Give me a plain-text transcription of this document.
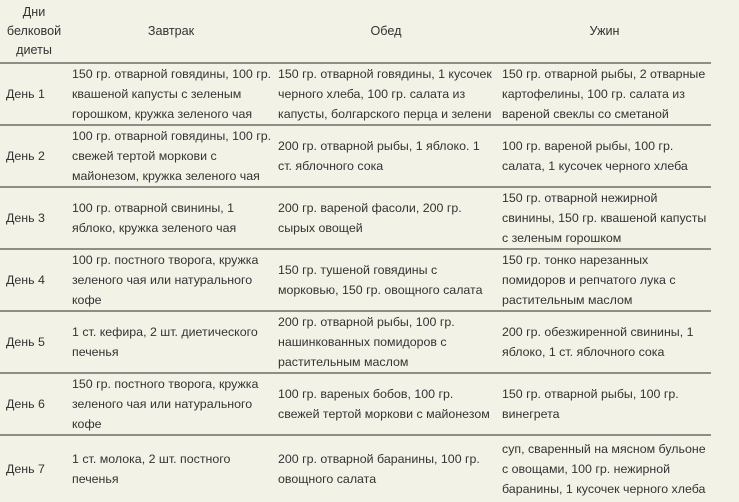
Дни
белковой
диеты	Завтрак	Обед	Ужин
День 1	150 гр. отварной говядины, 100 гр. квашеной капусты с зеленым горошком, кружка зеленого чая	150 гр. отварной говядины, 1 кусочек черного хлеба, 100 гр. салата из капусты, болгарского перца и зелени	150 гр. отварной рыбы, 2 отварные картофелины, 100 гр. салата из вареной свеклы со сметаной
День 2	100 гр. отварной говядины, 100 гр. свежей тертой моркови с майонезом, кружка зеленого чая	200 гр. отварной рыбы, 1 яблоко. 1 ст. яблочного сока	100 гр. вареной рыбы, 100 гр. салата, 1 кусочек черного хлеба
День 3	100 гр. отварной свинины, 1 яблоко, кружка зеленого чая	200 гр. вареной фасоли, 200 гр. сырых овощей	150 гр. отварной нежирной свинины, 150 гр. квашеной капусты с зеленым горошком
День 4	100 гр. постного творога, кружка зеленого чая или натурального кофе	150 гр. тушеной говядины с морковью, 150 гр. овощного салата	150 гр. тонко нарезанных помидоров и репчатого лука с растительным маслом
День 5	1 ст. кефира, 2 шт. диетического печенья	200 гр. отварной рыбы, 100 гр. нашинкованных помидоров с растительным маслом	200 гр. обезжиренной свинины, 1 яблоко, 1 ст. яблочного сока
День 6	150 гр. постного творога, кружка зеленого чая или натурального кофе	100 гр. вареных бобов, 100 гр. свежей тертой моркови с майонезом	150 гр. отварной рыбы, 100 гр. винегрета
День 7	1 ст. молока, 2 шт. постного печенья	200 гр. отварной баранины, 100 гр. овощного салата	суп, сваренный на мясном бульоне с овощами, 100 гр. нежирной баранины, 1 кусочек черного хлеба
